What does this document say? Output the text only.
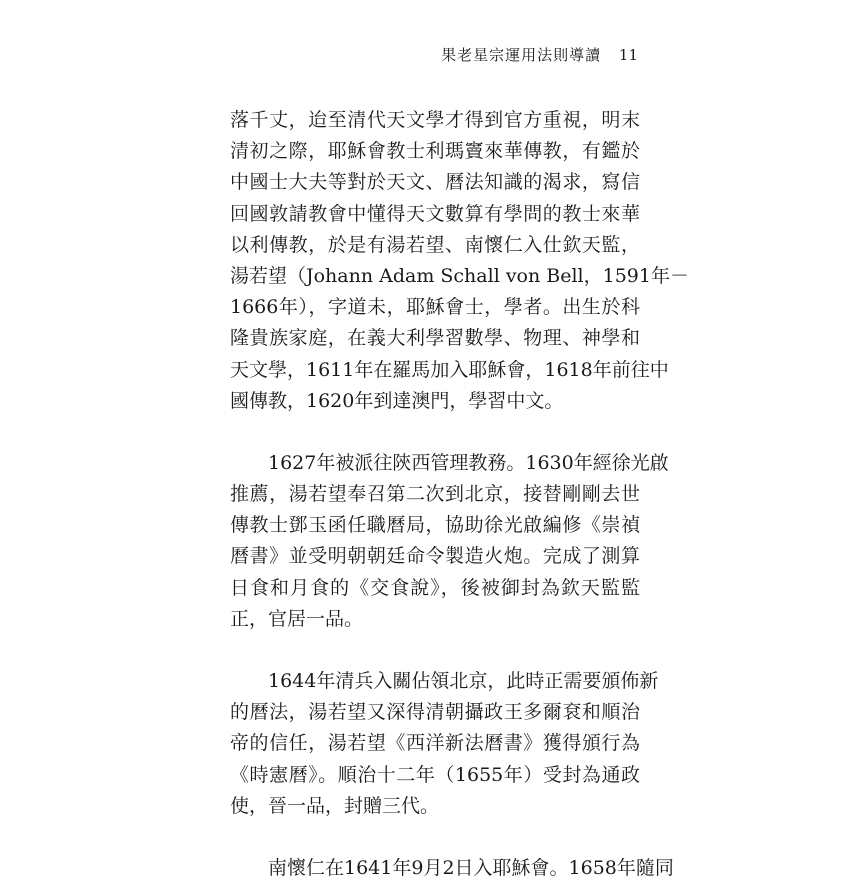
果老星宗運用法則導讀 11
落千丈，迨至清代天文學才得到官方重視，明末
清初之際，耶穌會教士利瑪竇來華傳教，有鑑於
中國士大夫等對於天文、曆法知識的渴求，寫信
回國敦請教會中懂得天文數算有學問的教士來華
以利傳教，於是有湯若望、南懷仁入仕欽天監，
湯若望（Johann Adam Schall von Bell，1591年－
1666年），字道未，耶穌會士，學者。出生於科
隆貴族家庭，在義大利學習數學、物理、神學和
天文學，1611年在羅馬加入耶穌會，1618年前往中
國傳教，1620年到達澳門，學習中文。
1627年被派往陝西管理教務。1630年經徐光啟
推薦，湯若望奉召第二次到北京，接替剛剛去世
傳教士鄧玉函任職曆局，協助徐光啟編修《崇禎
曆書》並受明朝朝廷命令製造火炮。完成了測算
日食和月食的《交食說》，後被御封為欽天監監
正，官居一品。
1644年清兵入關佔領北京，此時正需要頒佈新
的曆法，湯若望又深得清朝攝政王多爾袞和順治
帝的信任，湯若望《西洋新法曆書》獲得頒行為
《時憲曆》。順治十二年（1655年）受封為通政
使，晉一品，封贈三代。
南懷仁在1641年9月2日入耶穌會。1658年隨同
